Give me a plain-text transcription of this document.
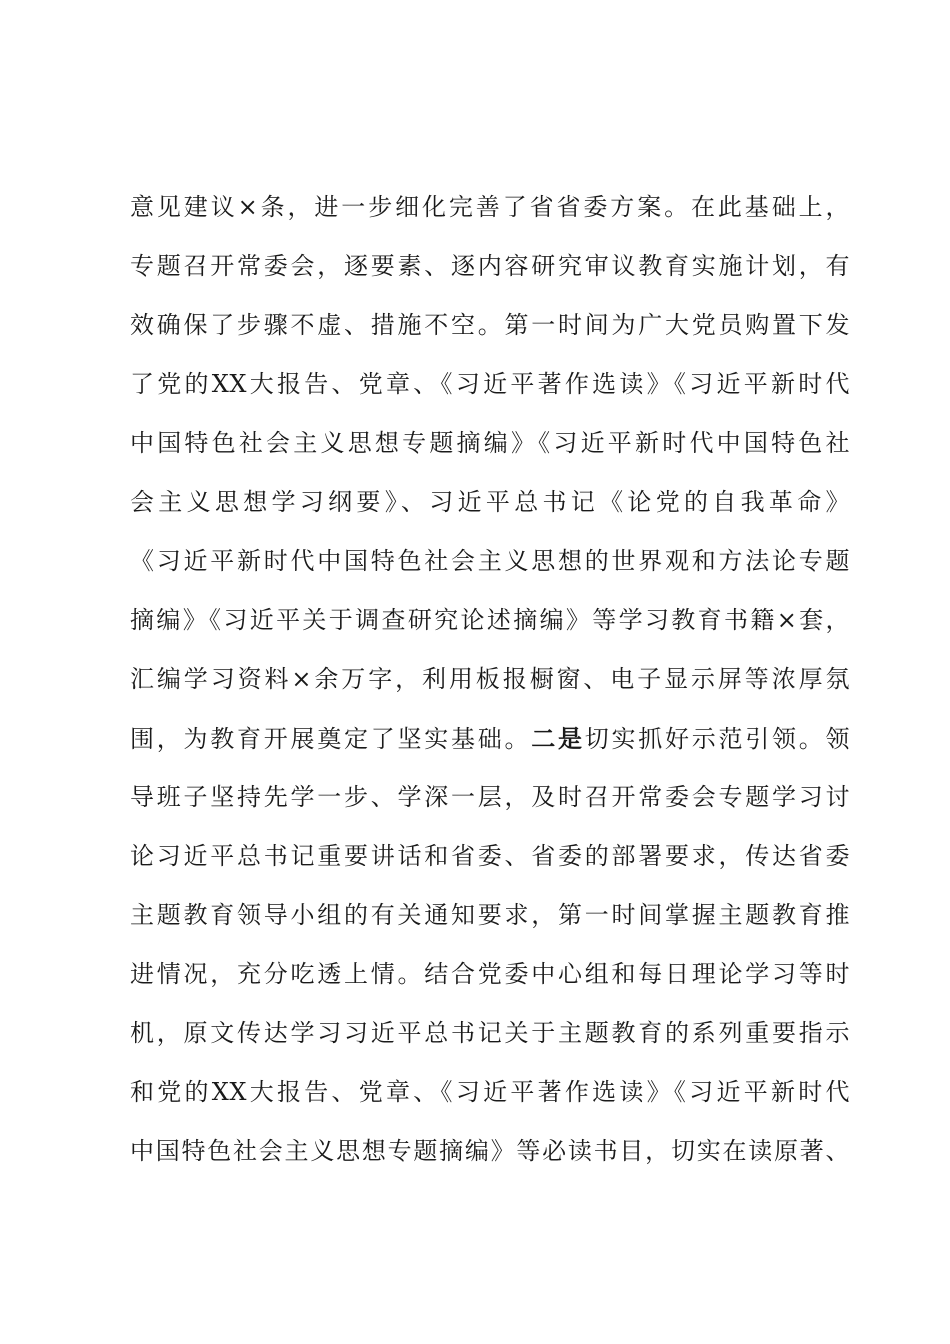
意见建议×条，进一步细化完善了省省委方案。在此基础上，
专题召开常委会，逐要素、逐内容研究审议教育实施计划，有
效确保了步骤不虚、措施不空。第一时间为广大党员购置下发
了党的XX大报告、党章、《习近平著作选读》《习近平新时代
中国特色社会主义思想专题摘编》《习近平新时代中国特色社
会主义思想学习纲要》、习近平总书记《论党的自我革命》
《习近平新时代中国特色社会主义思想的世界观和方法论专题
摘编》《习近平关于调查研究论述摘编》等学习教育书籍×套，
汇编学习资料×余万字，利用板报橱窗、电子显示屏等浓厚氛
围，为教育开展奠定了坚实基础。二是切实抓好示范引领。领
导班子坚持先学一步、学深一层，及时召开常委会专题学习讨
论习近平总书记重要讲话和省委、省委的部署要求，传达省委
主题教育领导小组的有关通知要求，第一时间掌握主题教育推
进情况，充分吃透上情。结合党委中心组和每日理论学习等时
机，原文传达学习习近平总书记关于主题教育的系列重要指示
和党的XX大报告、党章、《习近平著作选读》《习近平新时代
中国特色社会主义思想专题摘编》等必读书目，切实在读原著、
